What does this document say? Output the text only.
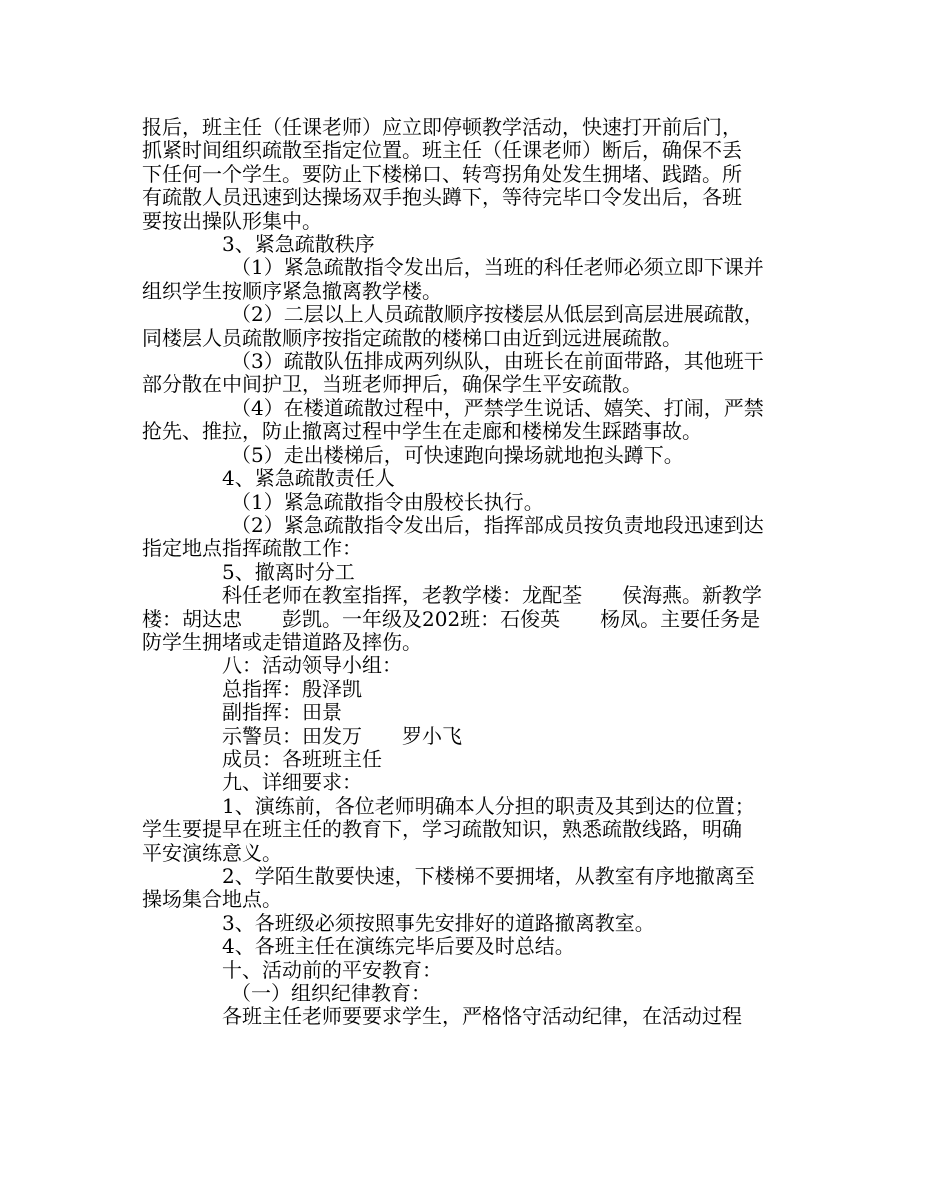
报后，班主任（任课老师）应立即停顿教学活动，快速打开前后门，
抓紧时间组织疏散至指定位置。班主任（任课老师）断后，确保不丢
下任何一个学生。要防止下楼梯口、转弯拐角处发生拥堵、践踏。所
有疏散人员迅速到达操场双手抱头蹲下，等待完毕口令发出后，各班
要按出操队形集中。
3、紧急疏散秩序
（1）紧急疏散指令发出后，当班的科任老师必须立即下课并
组织学生按顺序紧急撤离教学楼。
（2）二层以上人员疏散顺序按楼层从低层到高层进展疏散，
同楼层人员疏散顺序按指定疏散的楼梯口由近到远进展疏散。
（3）疏散队伍排成两列纵队，由班长在前面带路，其他班干
部分散在中间护卫，当班老师押后，确保学生平安疏散。
（4）在楼道疏散过程中，严禁学生说话、嬉笑、打闹，严禁
抢先、推拉，防止撤离过程中学生在走廊和楼梯发生踩踏事故。
（5）走出楼梯后，可快速跑向操场就地抱头蹲下。
4、紧急疏散责任人
（1）紧急疏散指令由殷校长执行。
（2）紧急疏散指令发出后，指挥部成员按负责地段迅速到达
指定地点指挥疏散工作：
5、撤离时分工
科任老师在教室指挥，老教学楼：龙配荃　　侯海燕。新教学
楼：胡达忠　　彭凯。一年级及202班：石俊英　　杨凤。主要任务是
防学生拥堵或走错道路及摔伤。
八：活动领导小组：
总指挥：殷泽凯
副指挥：田景
示警员：田发万　　罗小飞
成员：各班班主任
九、详细要求：
1、演练前，各位老师明确本人分担的职责及其到达的位置；
学生要提早在班主任的教育下，学习疏散知识，熟悉疏散线路，明确
平安演练意义。
2、学陌生散要快速，下楼梯不要拥堵，从教室有序地撤离至
操场集合地点。
3、各班级必须按照事先安排好的道路撤离教室。
4、各班主任在演练完毕后要及时总结。
十、活动前的平安教育：
（一）组织纪律教育：
各班主任老师要要求学生，严格恪守活动纪律，在活动过程
